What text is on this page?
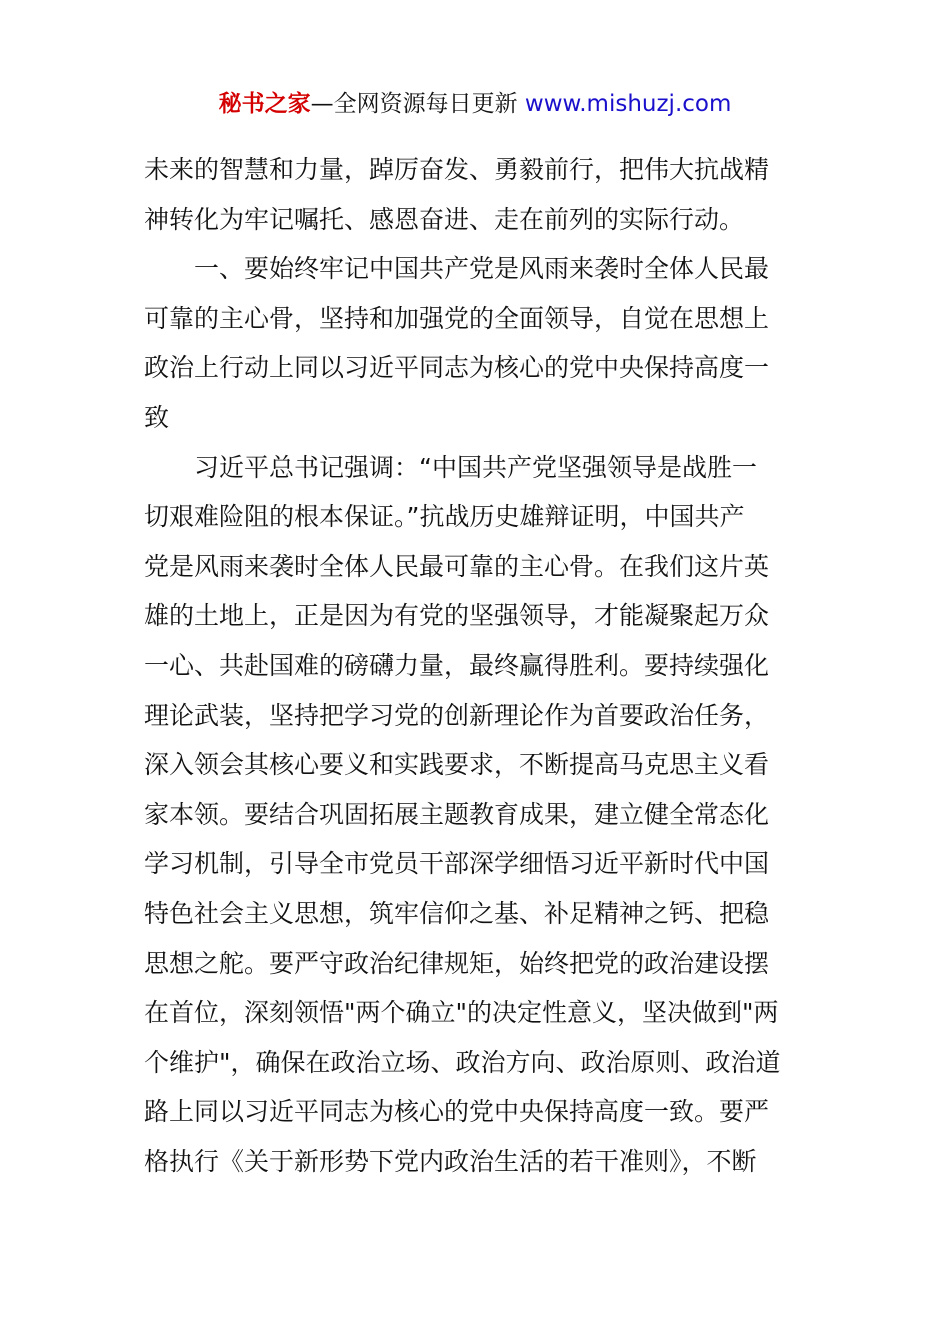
秘书之家—全网资源每日更新 www.mishuzj.com
未来的智慧和力量，踔厉奋发、勇毅前行，把伟大抗战精
神转化为牢记嘱托、感恩奋进、走在前列的实际行动。
一、要始终牢记中国共产党是风雨来袭时全体人民最
可靠的主心骨，坚持和加强党的全面领导，自觉在思想上
政治上行动上同以习近平同志为核心的党中央保持高度一
致
习近平总书记强调：“中国共产党坚强领导是战胜一
切艰难险阻的根本保证。”抗战历史雄辩证明，中国共产
党是风雨来袭时全体人民最可靠的主心骨。在我们这片英
雄的土地上，正是因为有党的坚强领导，才能凝聚起万众
一心、共赴国难的磅礴力量，最终赢得胜利。要持续强化
理论武装，坚持把学习党的创新理论作为首要政治任务，
深入领会其核心要义和实践要求，不断提高马克思主义看
家本领。要结合巩固拓展主题教育成果，建立健全常态化
学习机制，引导全市党员干部深学细悟习近平新时代中国
特色社会主义思想，筑牢信仰之基、补足精神之钙、把稳
思想之舵。要严守政治纪律规矩，始终把党的政治建设摆
在首位，深刻领悟"两个确立"的决定性意义，坚决做到"两
个维护"，确保在政治立场、政治方向、政治原则、政治道
路上同以习近平同志为核心的党中央保持高度一致。要严
格执行《关于新形势下党内政治生活的若干准则》，不断
